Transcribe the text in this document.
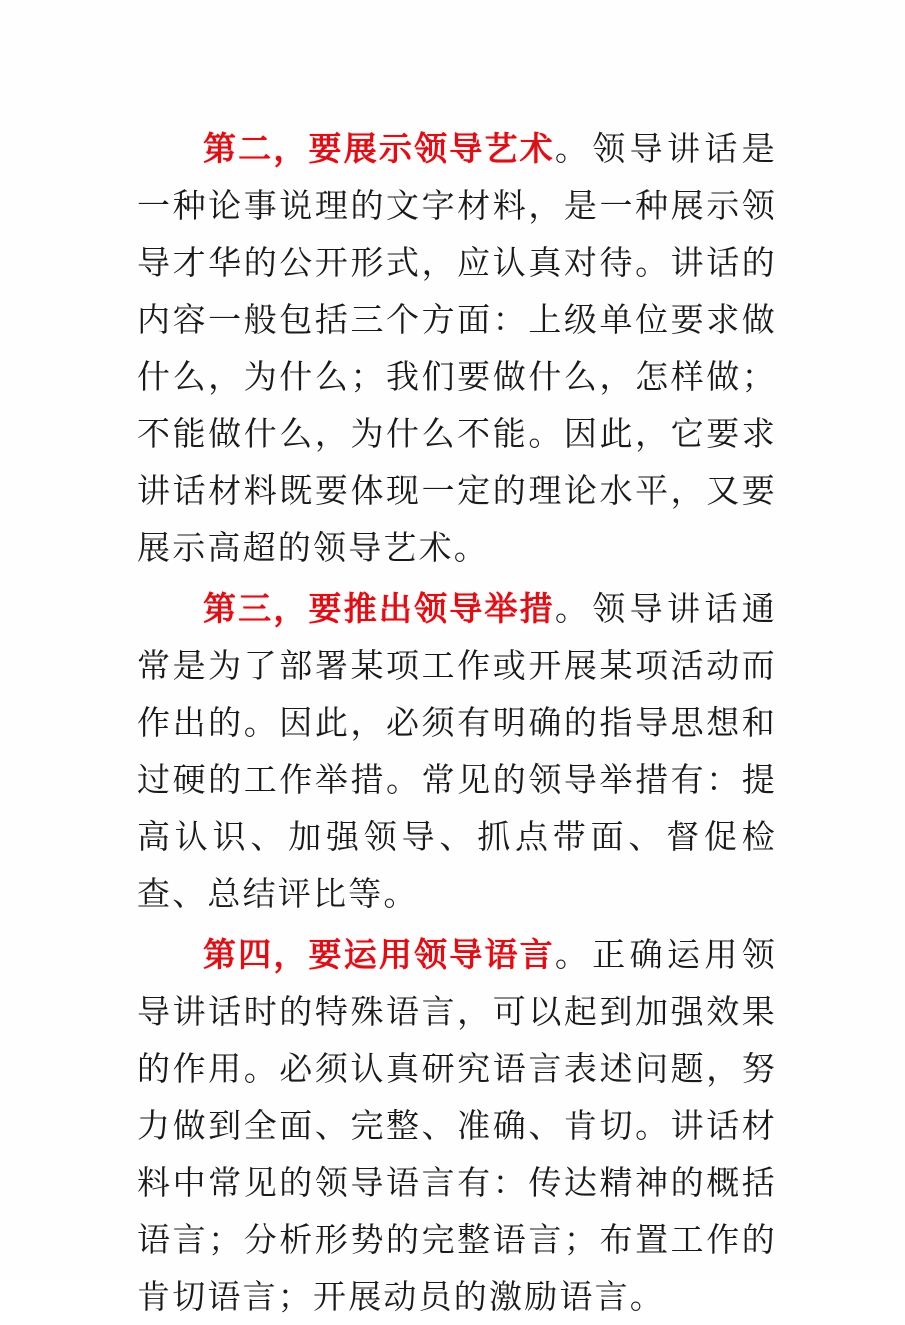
第二，要展示领导艺术。领导讲话是一种论事说理的文字材料，是一种展示领导才华的公开形式，应认真对待。讲话的内容一般包括三个方面：上级单位要求做什么，为什么；我们要做什么，怎样做；不能做什么，为什么不能。因此，它要求讲话材料既要体现一定的理论水平，又要展示高超的领导艺术。

第三，要推出领导举措。领导讲话通常是为了部署某项工作或开展某项活动而作出的。因此，必须有明确的指导思想和过硬的工作举措。常见的领导举措有：提高认识、加强领导、抓点带面、督促检查、总结评比等。

第四，要运用领导语言。正确运用领导讲话时的特殊语言，可以起到加强效果的作用。必须认真研究语言表述问题，努力做到全面、完整、准确、肯切。讲话材料中常见的领导语言有：传达精神的概括语言；分析形势的完整语言；布置工作的肯切语言；开展动员的激励语言。
